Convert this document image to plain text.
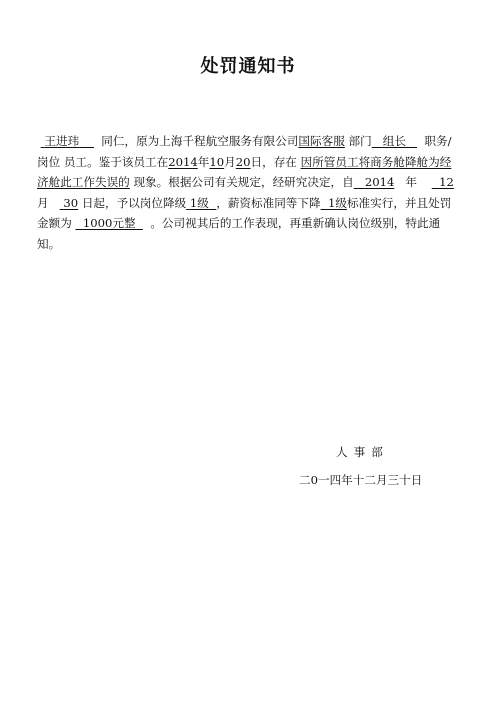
处罚通知书
王进玮 同仁，原为上海千程航空服务有限公司国际客服 部门 组长 职务/岗位 员工。鉴于该员工在2014年10月20日，存在 因所管员工将商务舱降舱为经济舱此工作失误的 现象。根据公司有关规定，经研究决定，自 2014 年 12月 30 日起，予以岗位降级 1级 ，薪资标准同等下降 1级标准实行，并且处罚金额为 1000元整 。公司视其后的工作表现，再重新确认岗位级别，特此通知。
人事部
二0一四年十二月三十日
